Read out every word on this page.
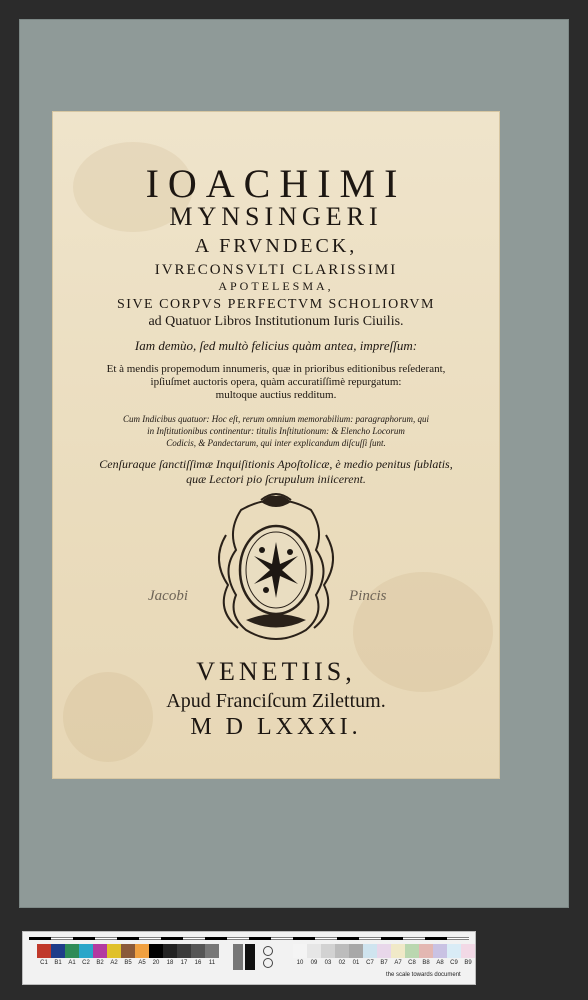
IOACHIMI
MYNSINGERI
A FRVNDECK,
IVRECONSVLTI CLARISSIMI
APOTELESMA,
SIVE CORPVS PERFECTVM SCHOLIORVM
ad Quatuor Libros Institutionum Iuris Ciuilis.
Iam demùo, ſed multò felicius quàm antea, impreſſum:
Et à mendis propemodum innumeris, quæ in prioribus editionibus reſederant,
ipſiuſmet auctoris opera, quàm accuratiſſimè repurgatum:
multoque auctius redditum.
Cum Indicibus quatuor: Hoc eſt, rerum omnium memorabilium: paragraphorum, qui
in Inſtitutionibus continentur: titulis Inſtitutionum: & Elencho Locorum
Codicis, & Pandectarum, qui inter explicandum diſcuſſi ſunt.
Cenſuraque ſanctiſſimæ Inquiſitionis Apoſtolicæ, è medio penitus ſublatis,
quæ Lectori pio ſcrupulum iniicerent.
Jacobi	Pincis
VENETIIS,
Apud Franciſcum Zilettum.
M D LXXXI.
C1	B1	A1	C2	B2	A2	B5	A5	20	18	17	16	11	10	09	03	02	01	C7	B7	A7	C8	B8	A8	C9	B9
the scale towards document
